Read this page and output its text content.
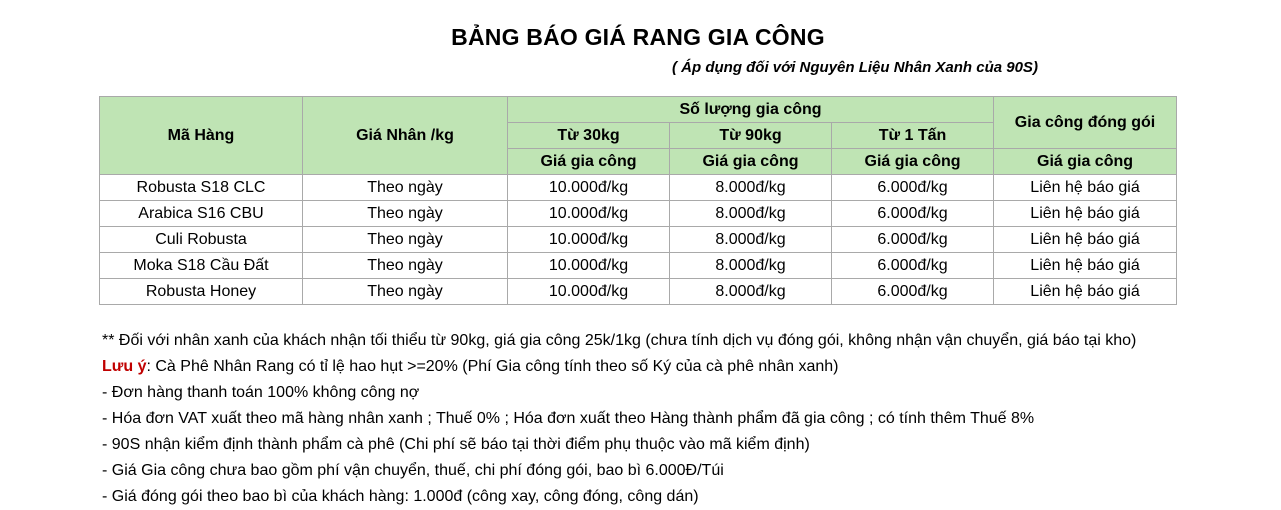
BẢNG BÁO GIÁ RANG GIA CÔNG
( Áp dụng đối với Nguyên Liệu Nhân Xanh của 90S)
Mã Hàng	Giá Nhân /kg	Số lượng gia công			Gia công đóng gói
		Từ 30kg	Từ 90kg	Từ 1 Tấn	
		Giá gia công	Giá gia công	Giá gia công	Giá gia công
Robusta S18 CLC	Theo ngày	10.000đ/kg	8.000đ/kg	6.000đ/kg	Liên hệ báo giá
Arabica S16 CBU	Theo ngày	10.000đ/kg	8.000đ/kg	6.000đ/kg	Liên hệ báo giá
Culi Robusta	Theo ngày	10.000đ/kg	8.000đ/kg	6.000đ/kg	Liên hệ báo giá
Moka S18 Cầu Đất	Theo ngày	10.000đ/kg	8.000đ/kg	6.000đ/kg	Liên hệ báo giá
Robusta Honey	Theo ngày	10.000đ/kg	8.000đ/kg	6.000đ/kg	Liên hệ báo giá
** Đối với nhân xanh của khách nhận tối thiểu từ 90kg, giá gia công 25k/1kg (chưa tính dịch vụ đóng gói, không nhận vận chuyển, giá báo tại kho)
Lưu ý: Cà Phê Nhân Rang có tỉ lệ hao hụt >=20% (Phí Gia công tính theo số Ký của cà phê nhân xanh)
- Đơn hàng thanh toán 100% không công nợ
- Hóa đơn VAT xuất theo mã hàng nhân xanh ; Thuế 0% ; Hóa đơn xuất theo Hàng thành phẩm đã gia công ; có tính thêm Thuế 8%
- 90S nhận kiểm định thành phẩm cà phê (Chi phí sẽ báo tại thời điểm phụ thuộc vào mã kiểm định)
- Giá Gia công chưa bao gồm phí vận chuyển, thuế, chi phí đóng gói, bao bì 6.000Đ/Túi
- Giá đóng gói theo bao bì của khách hàng: 1.000đ (công xay, công đóng, công dán)
